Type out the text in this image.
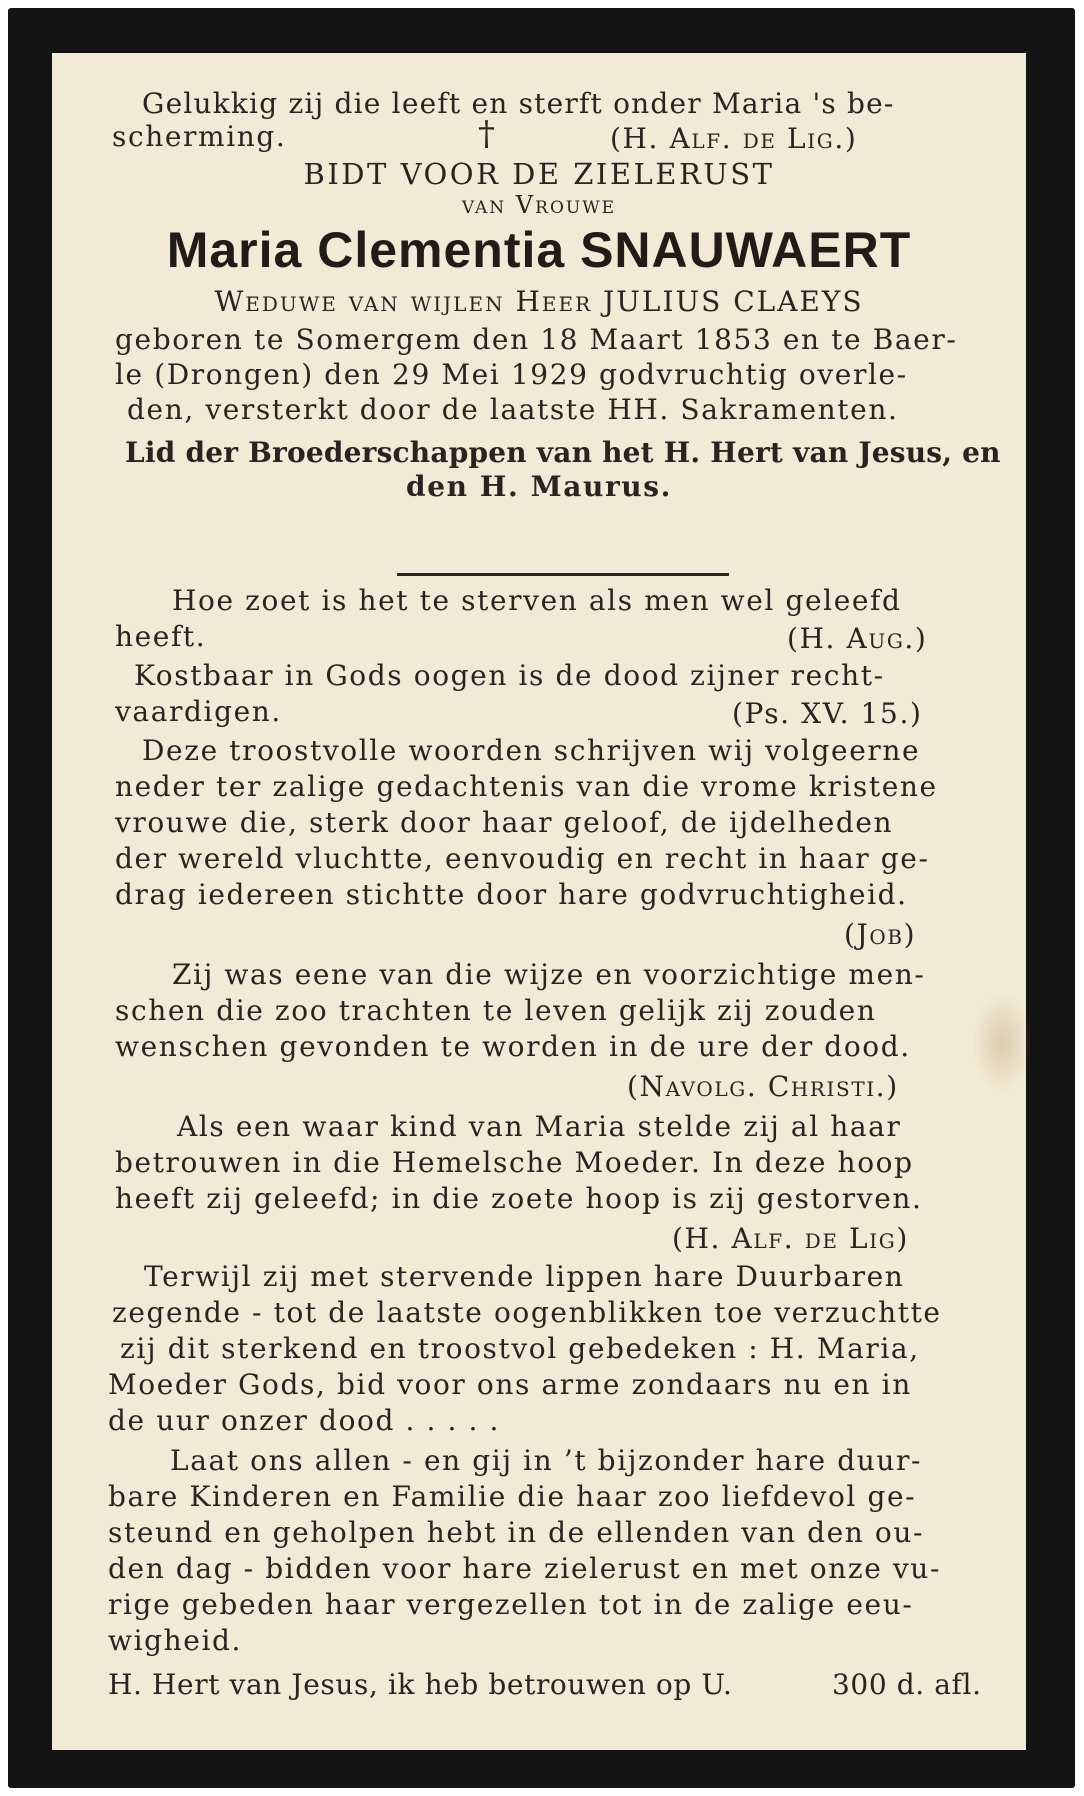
Gelukkig zij die leeft en sterft onder Maria 's be-
scherming.	†	(H. Alf. de Lig.)
BIDT VOOR DE ZIELERUST
van Vrouwe
Maria Clementia SNAUWAERT
Weduwe van wijlen Heer JULIUS CLAEYS
geboren te Somergem den 18 Maart 1853 en te Baer-
le (Drongen) den 29 Mei 1929 godvruchtig overle-
den, versterkt door de laatste HH. Sakramenten.
Lid der Broederschappen van het H. Hert van Jesus, en
den H. Maurus.
Hoe zoet is het te sterven als men wel geleefd
heeft.	(H. Aug.)
Kostbaar in Gods oogen is de dood zijner recht-
vaardigen.	(Ps. XV. 15.)
Deze troostvolle woorden schrijven wij volgeerne
neder ter zalige gedachtenis van die vrome kristene
vrouwe die, sterk door haar geloof, de ijdelheden
der wereld vluchtte, eenvoudig en recht in haar ge-
drag iedereen stichtte door hare godvruchtigheid.
(Job)
Zij was eene van die wijze en voorzichtige men-
schen die zoo trachten te leven gelijk zij zouden
wenschen gevonden te worden in de ure der dood.
(Navolg. Christi.)
Als een waar kind van Maria stelde zij al haar
betrouwen in die Hemelsche Moeder. In deze hoop
heeft zij geleefd; in die zoete hoop is zij gestorven.
(H. Alf. de Lig)
Terwijl zij met stervende lippen hare Duurbaren
zegende - tot de laatste oogenblikken toe verzuchtte
zij dit sterkend en troostvol gebedeken : H. Maria,
Moeder Gods, bid voor ons arme zondaars nu en in
de uur onzer dood . . . . .
Laat ons allen - en gij in ’t bijzonder hare duur-
bare Kinderen en Familie die haar zoo liefdevol ge-
steund en geholpen hebt in de ellenden van den ou-
den dag - bidden voor hare zielerust en met onze vu-
rige gebeden haar vergezellen tot in de zalige eeu-
wigheid.
H. Hert van Jesus, ik heb betrouwen op U.	300 d. afl.
